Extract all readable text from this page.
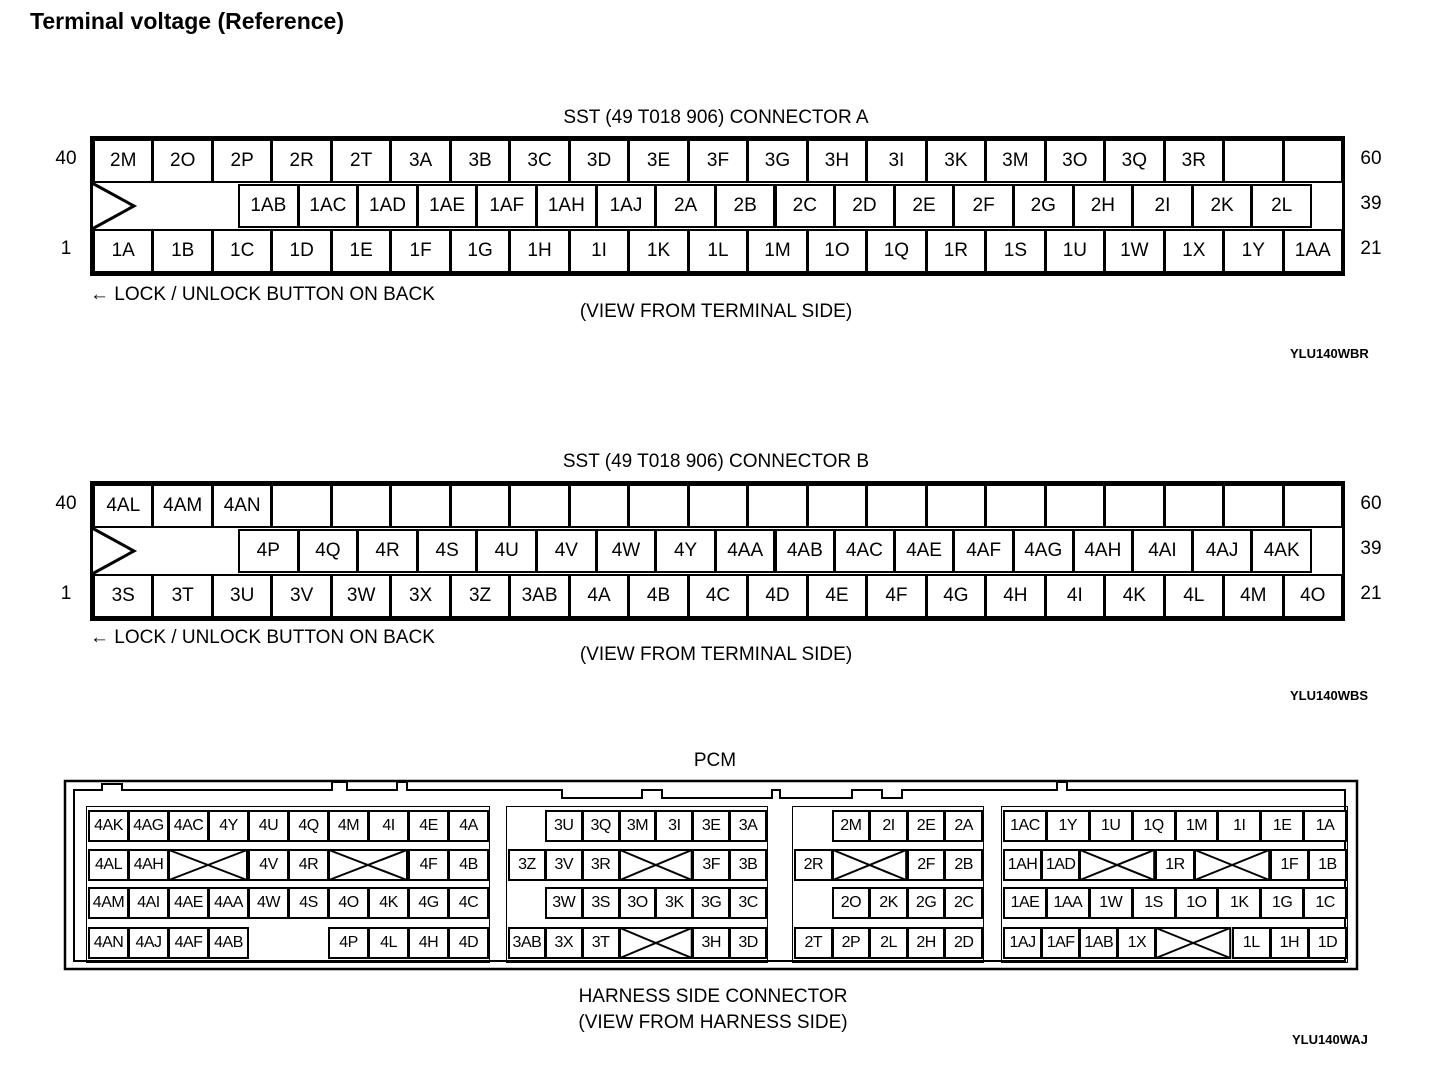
Terminal voltage (Reference)
SST (49 T018 906) CONNECTOR A
2M	2O	2P	2R	2T	3A	3B	3C	3D	3E	3F	3G	3H	3I	3K	3M	3O	3Q	3R
1A	1B	1C	1D	1E	1F	1G	1H	1I	1K	1L	1M	1O	1Q	1R	1S	1U	1W	1X	1Y	1AA
1AB	1AC	1AD	1AE	1AF	1AH	1AJ	2A	2B	2C	2D	2E	2F	2G	2H	2I	2K	2L
40	60
39
1	21
← LOCK / UNLOCK BUTTON ON BACK
(VIEW FROM TERMINAL SIDE)
YLU140WBR
SST (49 T018 906) CONNECTOR B
4AL	4AM	4AN
3S	3T	3U	3V	3W	3X	3Z	3AB	4A	4B	4C	4D	4E	4F	4G	4H	4I	4K	4L	4M	4O
4P	4Q	4R	4S	4U	4V	4W	4Y	4AA	4AB	4AC	4AE	4AF	4AG	4AH	4AI	4AJ	4AK
40	60
39
1	21
← LOCK / UNLOCK BUTTON ON BACK
(VIEW FROM TERMINAL SIDE)
YLU140WBS
PCM
4AK 4AG 4AC 4Y	4U	4Q	4M	4I	4E	4A
4AL 4AH	4V	4R	4F	4B
4AM 4AI 4AE 4AA 4W	4S	4O	4K	4G	4C
4AN 4AJ 4AF 4AB	4P	4L	4H	4D
3U	3Q	3M	3I	3E	3A
3Z	3V	3R	3F	3B
3W	3S	3O	3K	3G	3C
3AB 3X	3T	3H	3D
2M	2I	2E	2A
2R	2F	2B
2O	2K	2G	2C
2T	2P	2L	2H	2D
1AC	1Y	1U	1Q	1M	1I	1E	1A
1AH 1AD	1R	1F	1B
1AE 1AA	1W	1S	1O	1K	1G	1C
1AJ 1AF 1AB 1X	1L	1H	1D
HARNESS SIDE CONNECTOR
(VIEW FROM HARNESS SIDE)
YLU140WAJ
